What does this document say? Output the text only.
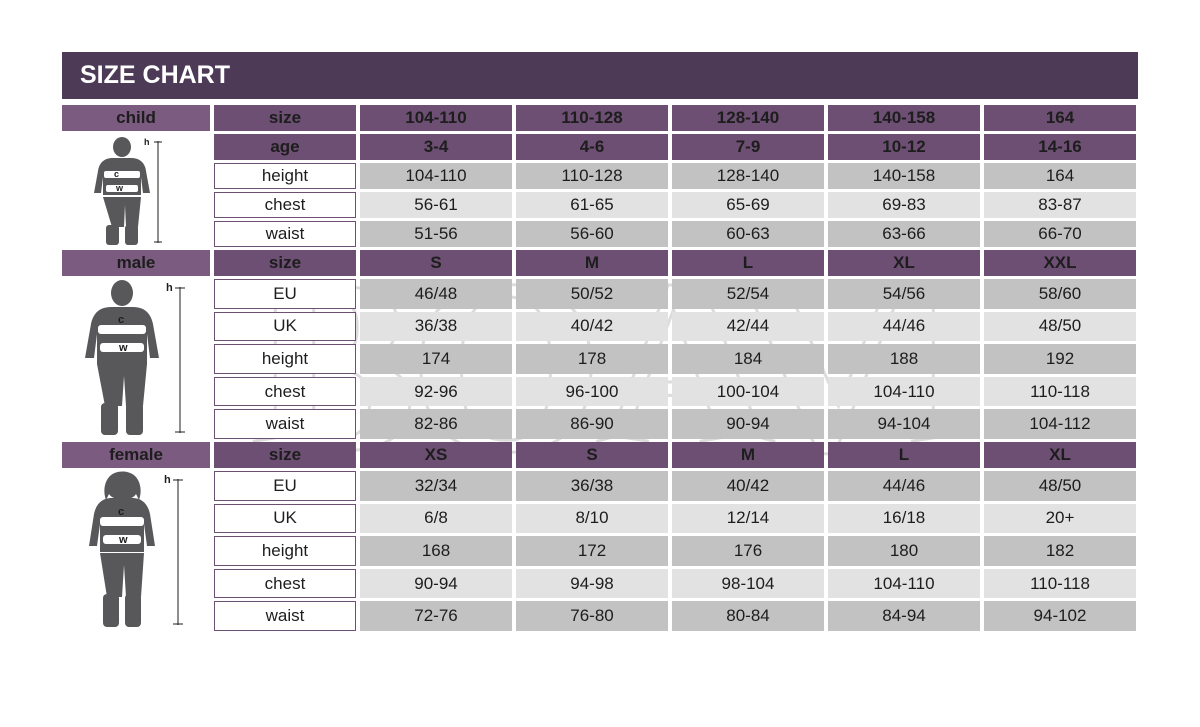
SIZE CHART
child	size	104-110	110-128	128-140	140-158	164

c
w
h	age	3-4	4-6	7-9	10-12	14-16
	height	104-110	110-128	128-140	140-158	164
	chest	56-61	61-65	65-69	69-83	83-87
	waist	51-56	56-60	60-63	63-66	66-70
male	size	S	M	L	XL	XXL

c
w
h	EU	46/48	50/52	52/54	54/56	58/60
	UK	36/38	40/42	42/44	44/46	48/50
	height	174	178	184	188	192
	chest	92-96	96-100	100-104	104-110	110-118
	waist	82-86	86-90	90-94	94-104	104-112
female	size	XS	S	M	L	XL

c
w
h	EU	32/34	36/38	40/42	44/46	48/50
	UK	6/8	8/10	12/14	16/18	20+
	height	168	172	176	180	182
	chest	90-94	94-98	98-104	104-110	110-118
	waist	72-76	76-80	80-84	84-94	94-102
